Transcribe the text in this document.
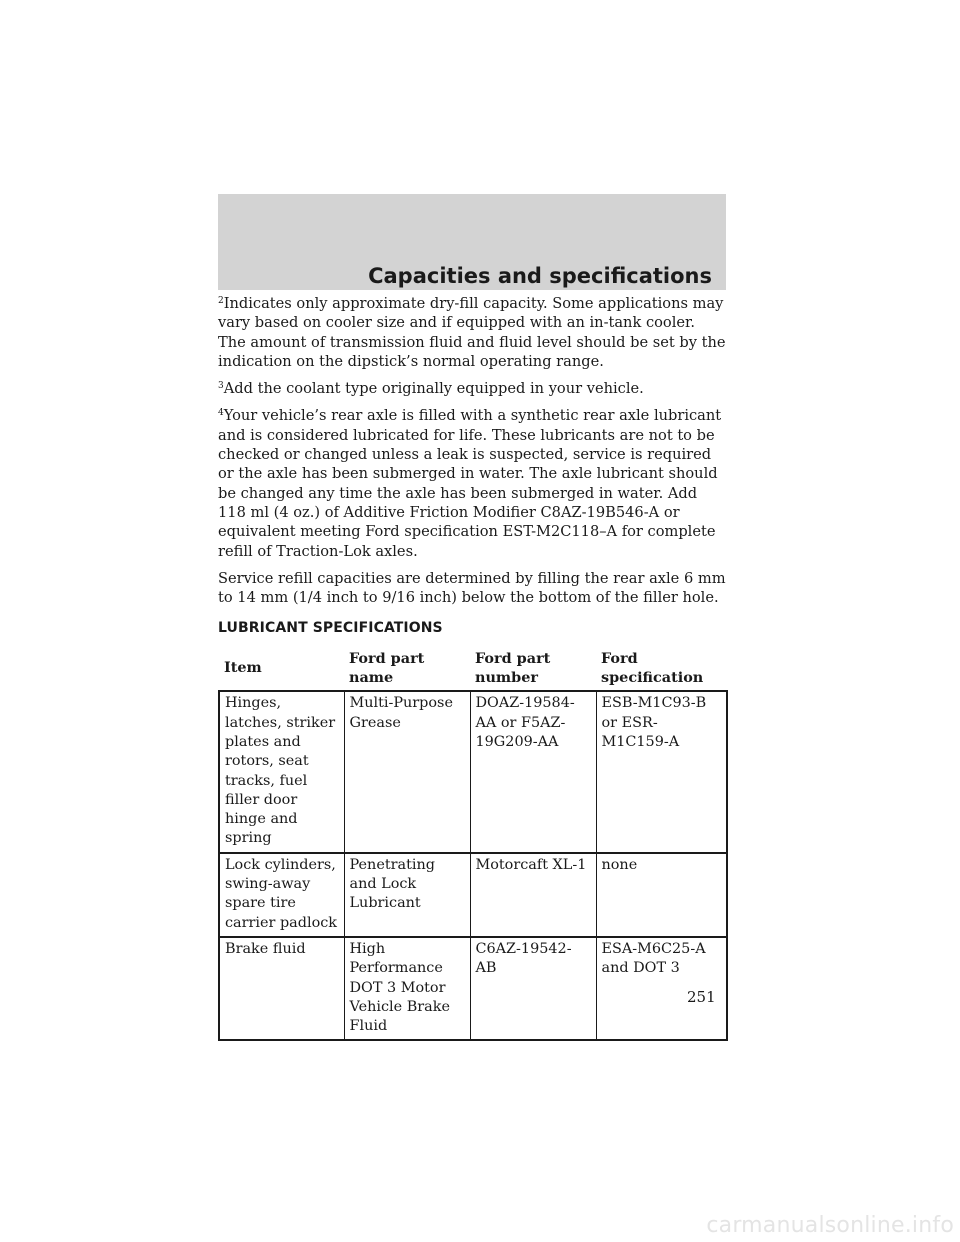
Capacities and specifications

$^2$Indicates only approximate dry-fill capacity. Some applications may vary based on cooler size and if equipped with an in-tank cooler. The amount of transmission fluid and fluid level should be set by the indication on the dipstick’s normal operating range.

$^3$Add the coolant type originally equipped in your vehicle.

$^4$Your vehicle’s rear axle is filled with a synthetic rear axle lubricant and is considered lubricated for life. These lubricants are not to be checked or changed unless a leak is suspected, service is required or the axle has been submerged in water. The axle lubricant should be changed any time the axle has been submerged in water. Add 118 ml (4 oz.) of Additive Friction Modifier C8AZ-19B546-A or equivalent meeting Ford specification EST-M2C118–A for complete refill of Traction-Lok axles.

Service refill capacities are determined by filling the rear axle 6 mm to 14 mm (1/4 inch to 9/16 inch) below the bottom of the filler hole.

LUBRICANT SPECIFICATIONS
Item	Ford part name	Ford part number	Ford specification
Hinges, latches, striker plates and rotors, seat tracks, fuel filler door hinge and spring	Multi-Purpose Grease	DOAZ-19584-AA or F5AZ-19G209-AA	ESB-M1C93-B or ESR-M1C159-A
Lock cylinders, swing-away spare tire carrier padlock	Penetrating and Lock Lubricant	Motorcaft XL-1	none
Brake fluid	High Performance DOT 3 Motor Vehicle Brake Fluid	C6AZ-19542-AB	ESA-M6C25-A and DOT 3
251
carmanualsonline.info
